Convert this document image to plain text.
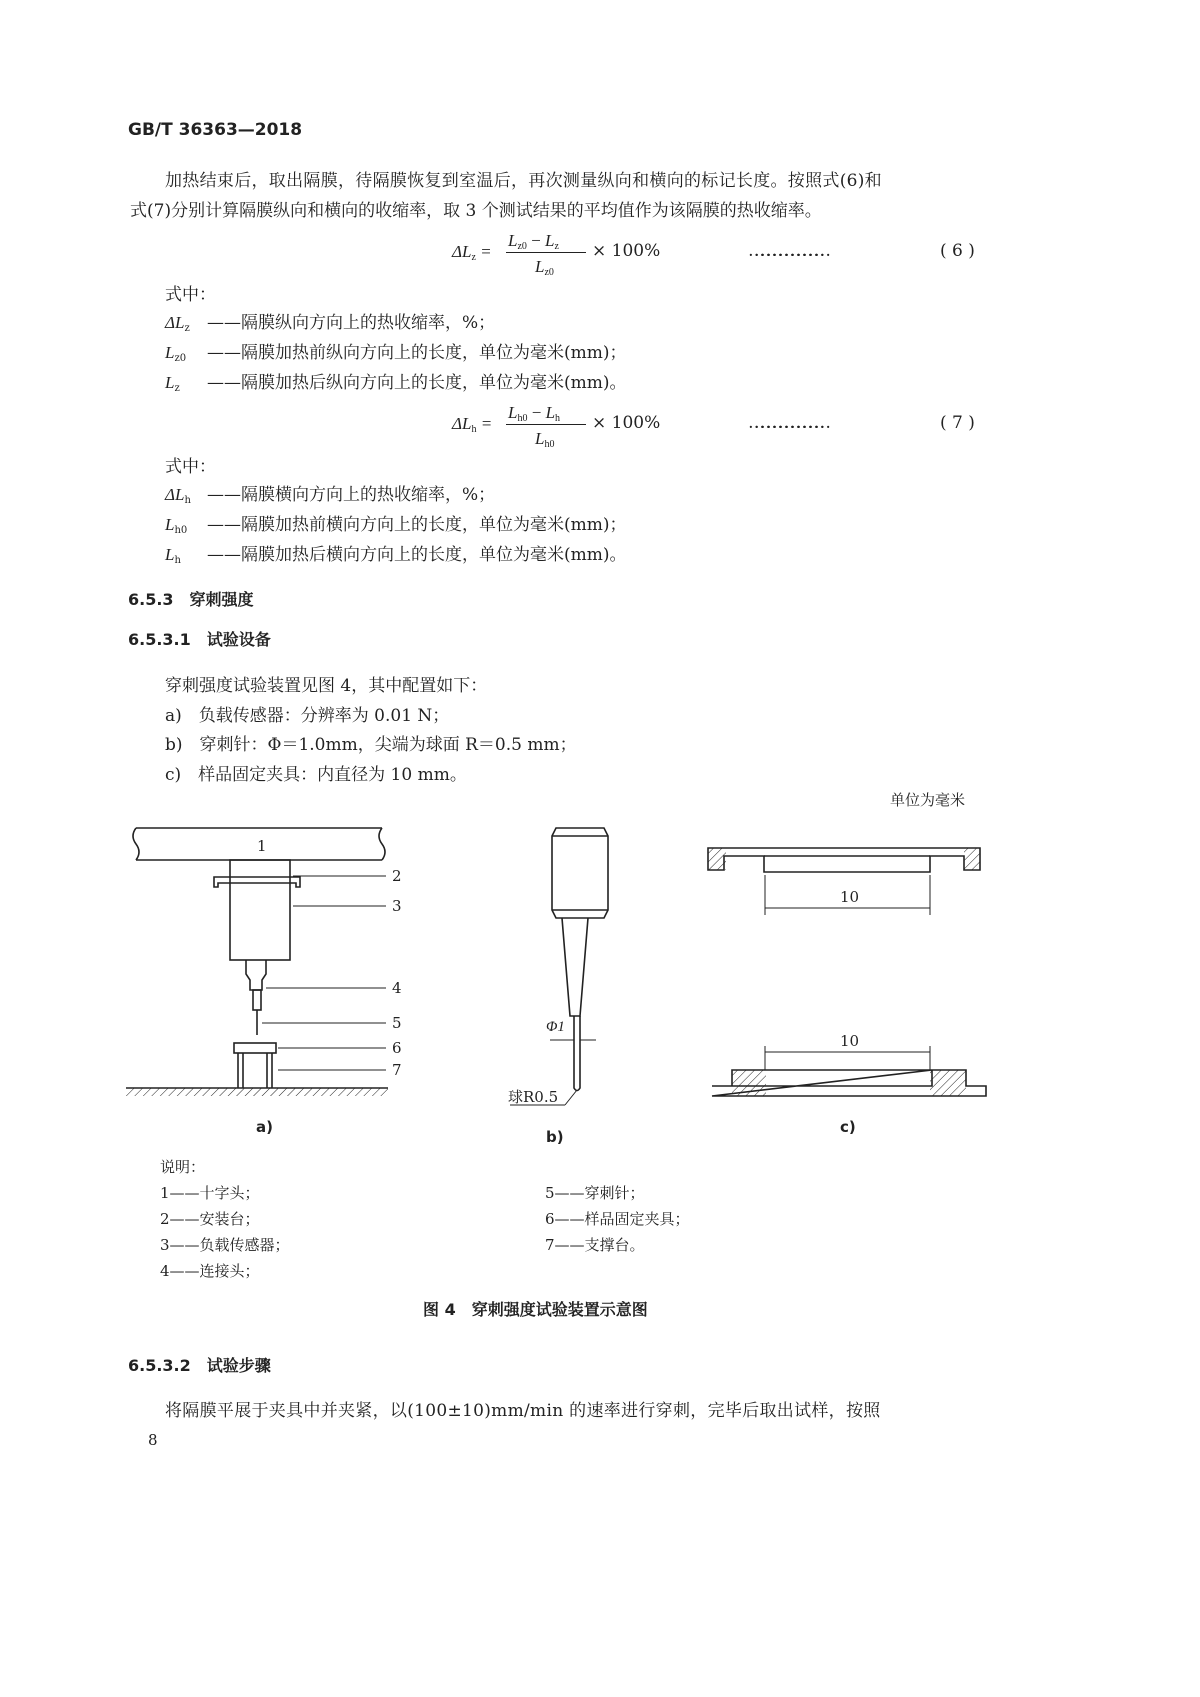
GB/T 36363—2018
加热结束后，取出隔膜，待隔膜恢复到室温后，再次测量纵向和横向的标记长度。按照式(6)和
式(7)分别计算隔膜纵向和横向的收缩率，取 3 个测试结果的平均值作为该隔膜的热收缩率。
$\Delta L_z$ =
$L_{z0} - L_z$
$L_{z0}$
× 100%	………………………………	( 6 )
式中：
$\Delta L_z$ ——隔膜纵向方向上的热收缩率，%；
$L_{z0}$ ——隔膜加热前纵向方向上的长度，单位为毫米(mm)；
$L_z$ ——隔膜加热后纵向方向上的长度，单位为毫米(mm)。
$\Delta L_h$ =
$L_{h0} - L_h$
$L_{h0}$
× 100%	………………………………	( 7 )
式中：
$\Delta L_h$ ——隔膜横向方向上的热收缩率，%；
$L_{h0}$ ——隔膜加热前横向方向上的长度，单位为毫米(mm)；
$L_h$ ——隔膜加热后横向方向上的长度，单位为毫米(mm)。
6.5.3　穿刺强度
6.5.3.1　试验设备
穿刺强度试验装置见图 4，其中配置如下：
a)　负载传感器：分辨率为 0.01 N；
b)　穿刺针：Φ＝1.0mm，尖端为球面 R＝0.5 mm；
c)　样品固定夹具：内直径为 10 mm。
单位为毫米
1
2
3
4
5
6
7
Φ1
球R0.5
10
10
a)
b)
c)
说明：
1——十字头；
2——安装台；
3——负载传感器；
4——连接头；
5——穿刺针；
6——样品固定夹具；
7——支撑台。
图 4　穿刺强度试验装置示意图
6.5.3.2　试验步骤
将隔膜平展于夹具中并夹紧，以(100±10)mm/min 的速率进行穿刺，完毕后取出试样，按照
8
